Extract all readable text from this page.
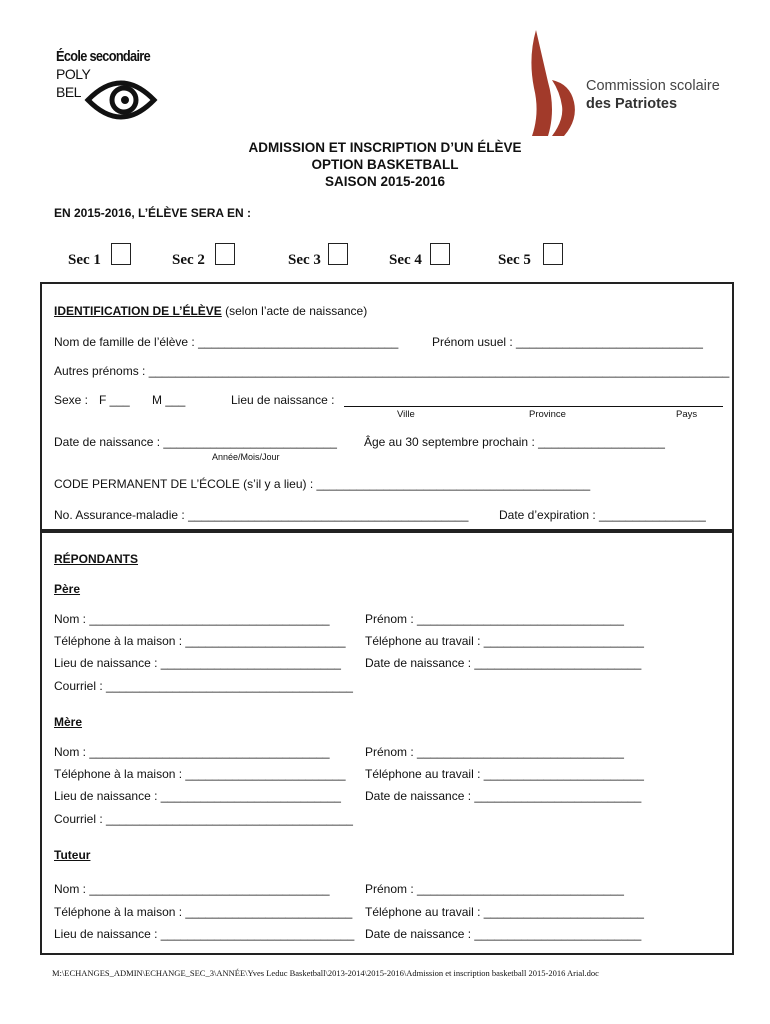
École secondaire
POLY
BEL	Commission scolaire
des Patriotes
ADMISSION ET INSCRIPTION D’UN ÉLÈVE
OPTION BASKETBALL
SAISON 2015-2016
EN 2015-2016, L’ÉLÈVE SERA EN :
Sec 1	Sec 2	Sec 3	Sec 4	Sec 5
IDENTIFICATION DE L’ÉLÈVE (selon l’acte de naissance)
Nom de famille de l’élève : ______________________________	Prénom usuel : ____________________________
Autres prénoms : _______________________________________________________________________________________
Sexe : F ___ M ___	Lieu de naissance :
Ville	Province	Pays
Date de naissance : __________________________
Année/Mois/Jour
Âge au 30 septembre prochain : ___________________
CODE PERMANENT DE L’ÉCOLE (s’il y a lieu) : _________________________________________
No. Assurance-maladie : __________________________________________	Date d’expiration : ________________
RÉPONDANTS
Père
Nom : ____________________________________	Prénom : _______________________________
Téléphone à la maison : ________________________ Téléphone au travail : ________________________
Lieu de naissance : ___________________________ Date de naissance : _________________________
Courriel : _____________________________________
Mère
Nom : ____________________________________	Prénom : _______________________________
Téléphone à la maison : ________________________ Téléphone au travail : ________________________
Lieu de naissance : ___________________________ Date de naissance : _________________________
Courriel : _____________________________________
Tuteur
Nom : ____________________________________	Prénom : _______________________________
Téléphone à la maison : _________________________ Téléphone au travail : ________________________
Lieu de naissance : _____________________________ Date de naissance : _________________________
M:\ECHANGES_ADMIN\ECHANGE_SEC_3\ANNÉE\Yves Leduc Basketball\2013-2014\2015-2016\Admission et inscription basketball 2015-2016 Arial.doc
